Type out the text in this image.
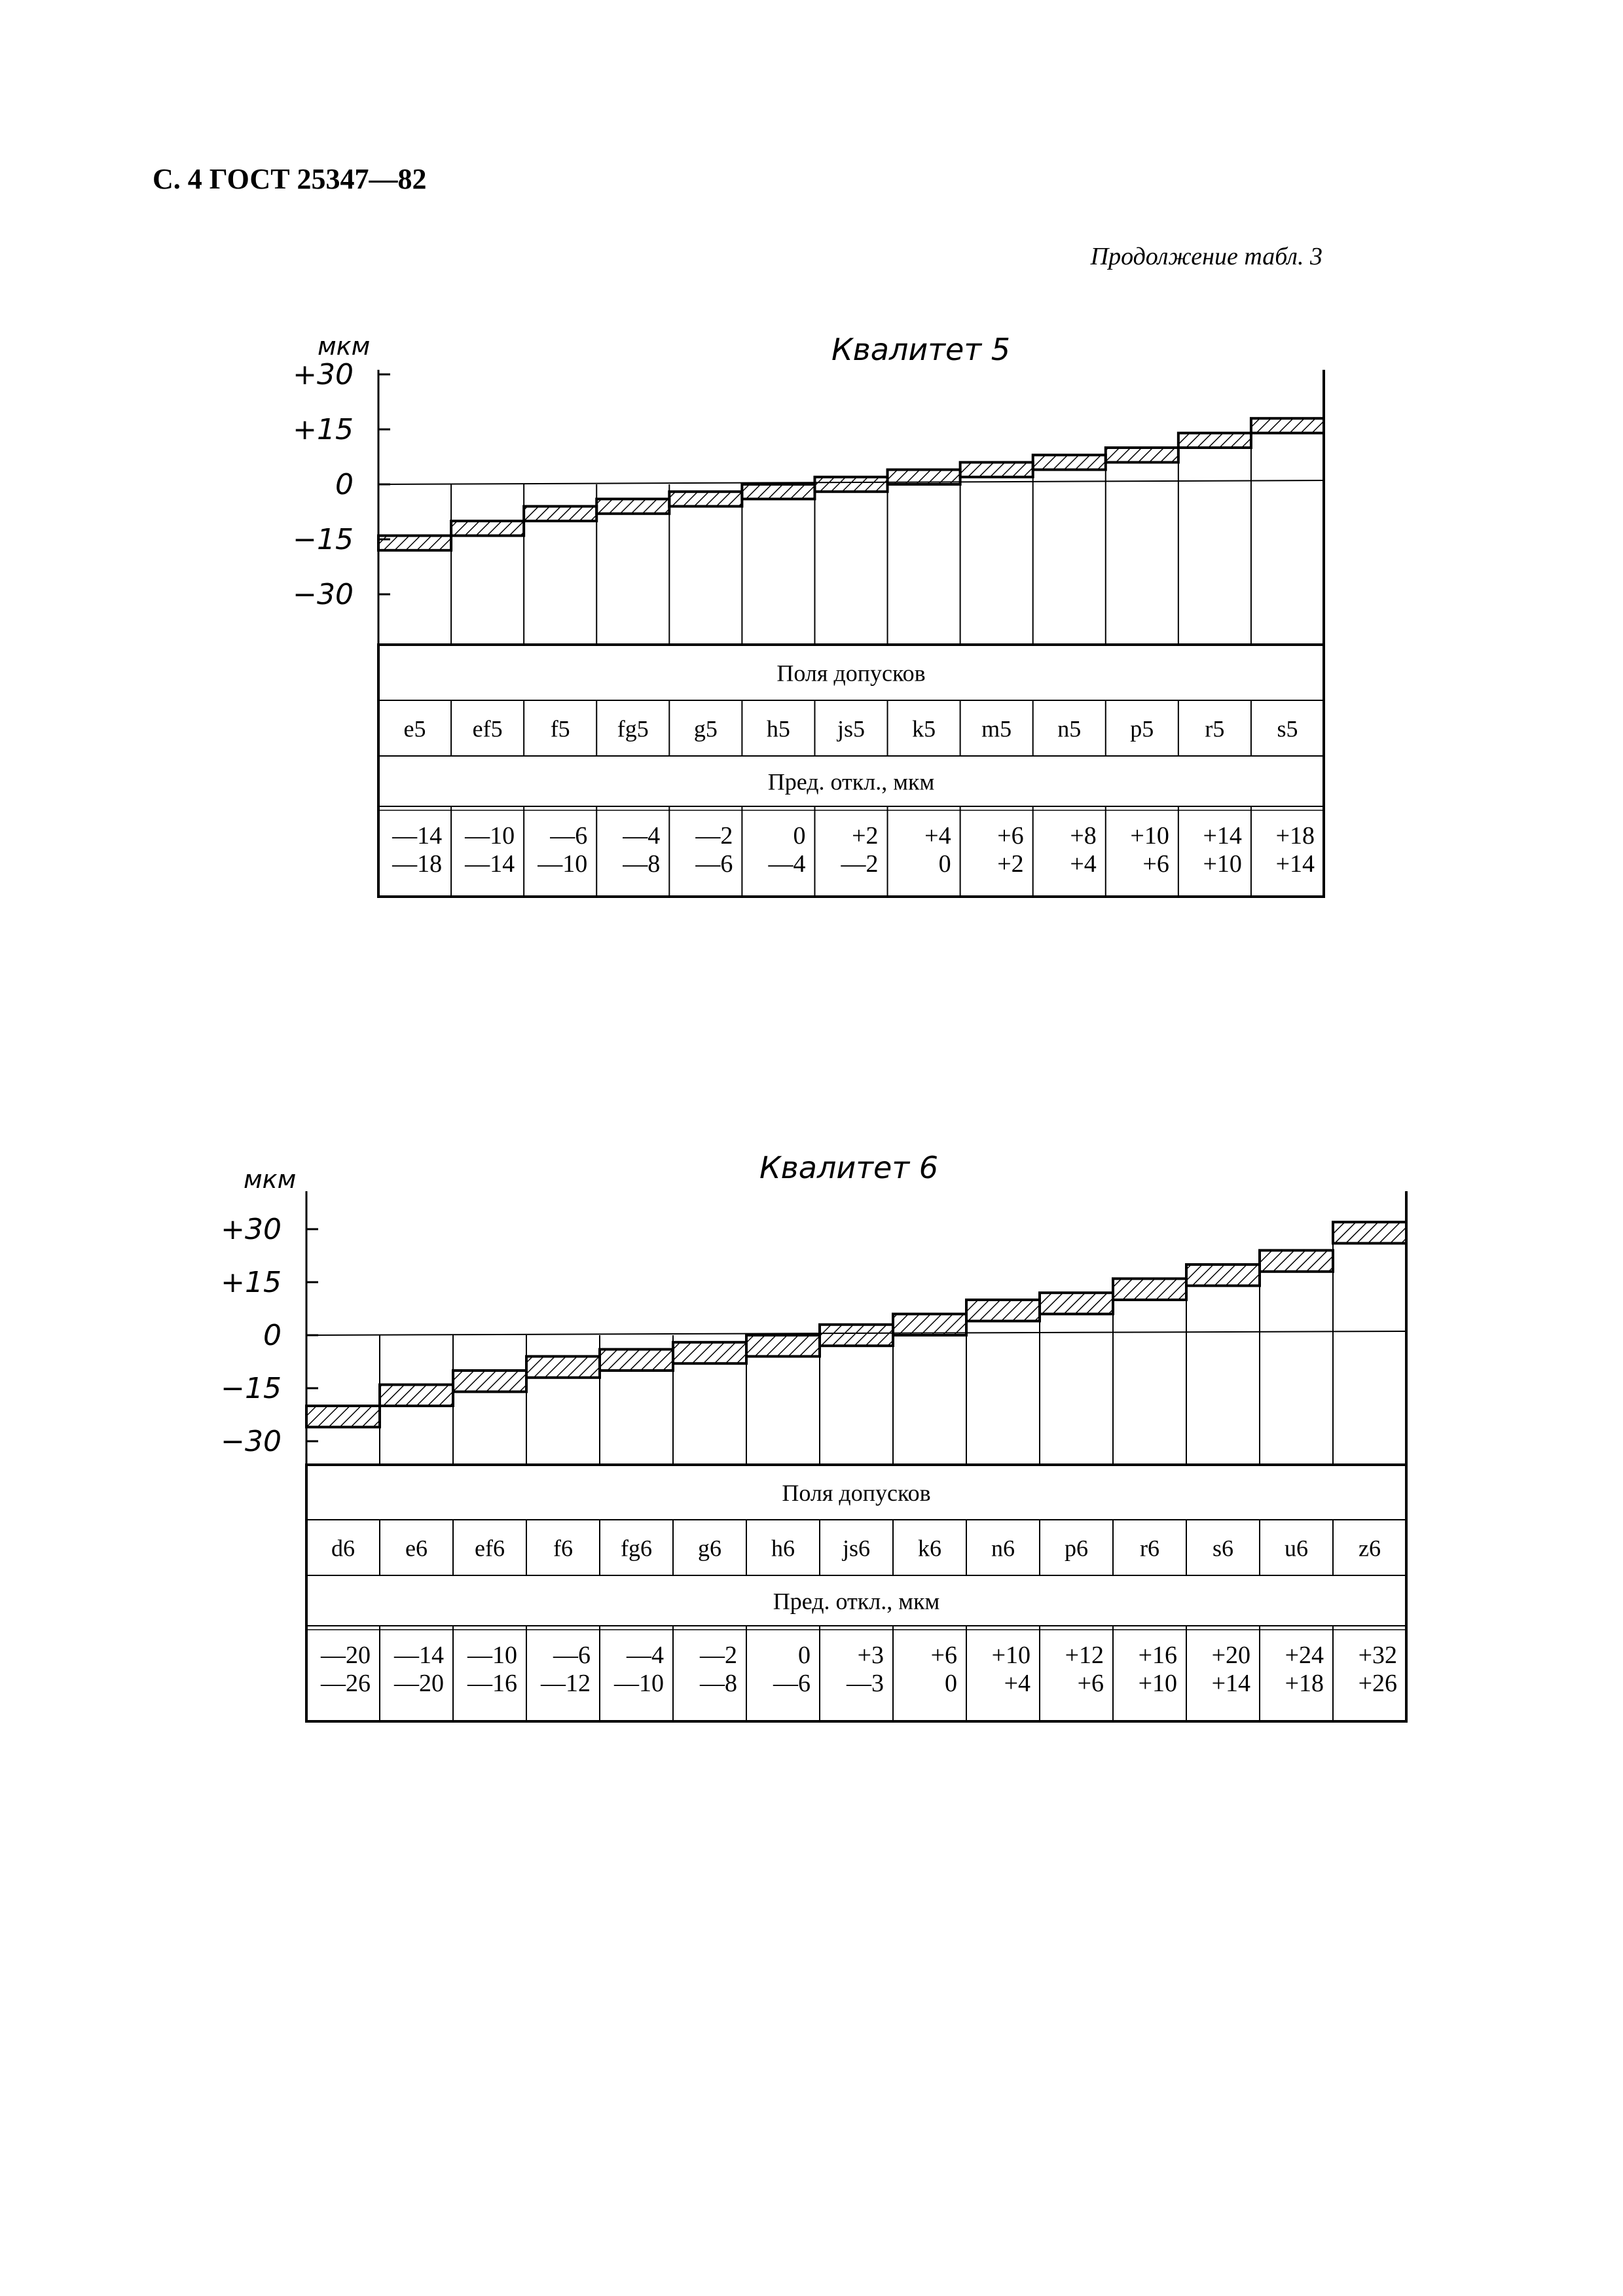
С. 4 ГОСТ 25347—82
Продолжение табл. 3
Квалитет 5
мкм
+30
+15
0
−15
−30
Поля допусков
Пред. откл., мкм
e5
—14
—18
ef5
—10
—14
f5
—6
—10
fg5
—4
—8
g5
—2
—6
h5
0
—4
js5
+2
—2
k5
+4
0
m5
+6
+2
n5
+8
+4
p5
+10
+6
r5
+14
+10
s5
+18
+14
Квалитет 6
мкм
+30
+15
0
−15
−30
Поля допусков
Пред. откл., мкм
d6
—20
—26
e6
—14
—20
ef6
—10
—16
f6
—6
—12
fg6
—4
—10
g6
—2
—8
h6
0
—6
js6
+3
—3
k6
+6
0
n6
+10
+4
p6
+12
+6
r6
+16
+10
s6
+20
+14
u6
+24
+18
z6
+32
+26
